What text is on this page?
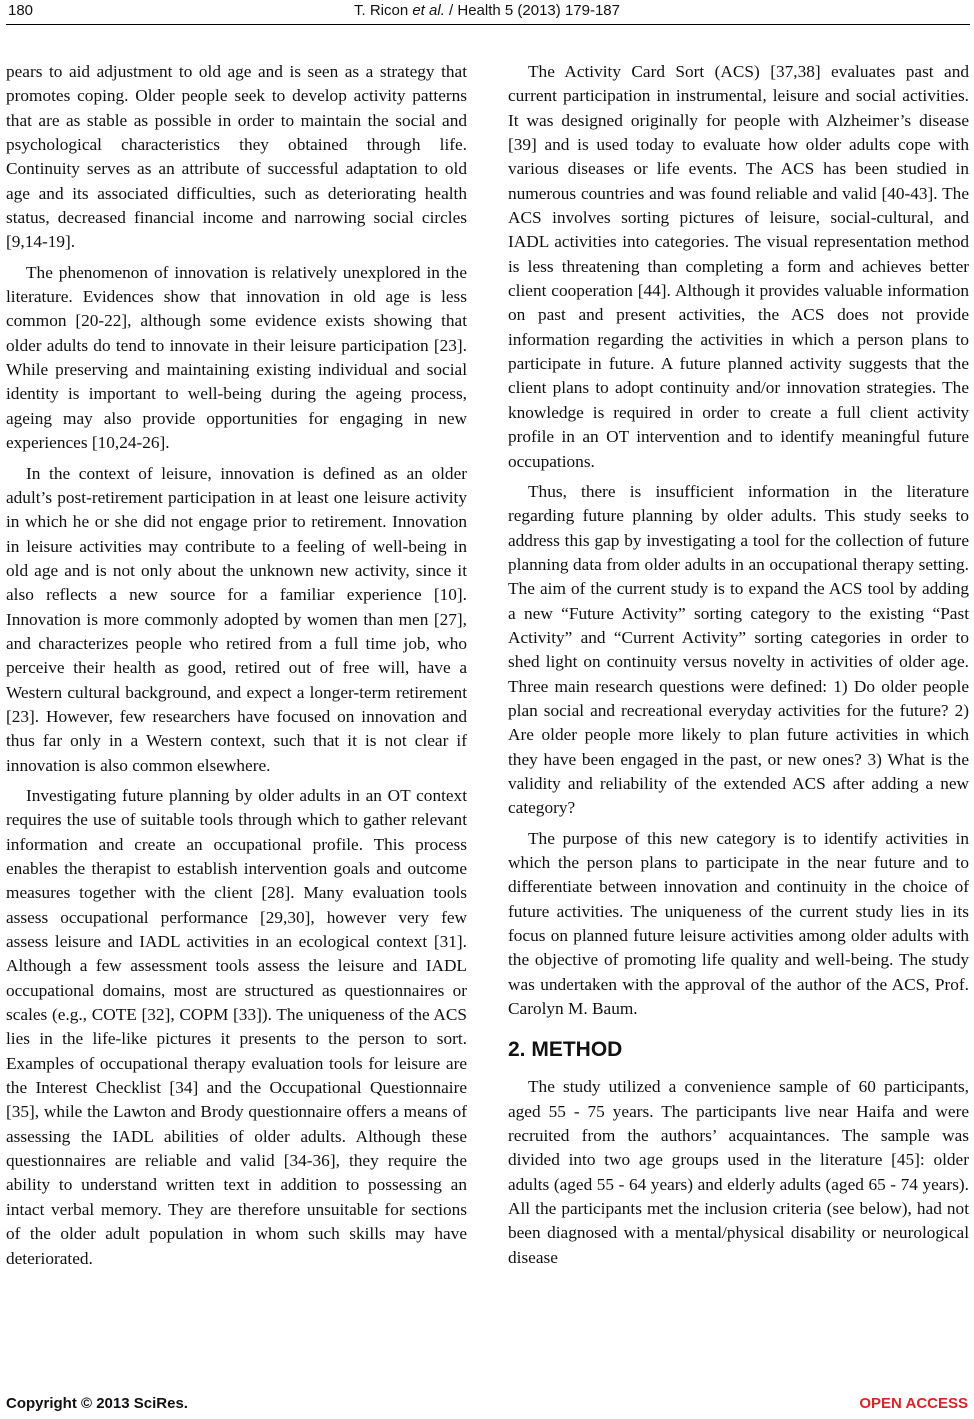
180	T. Ricon et al. / Health 5 (2013) 179-187

pears to aid adjustment to old age and is seen as a strategy that promotes coping. Older people seek to develop activity patterns that are as stable as possible in order to maintain the social and psychological characteristics they obtained through life. Continuity serves as an attribute of successful adaptation to old age and its associated difficulties, such as deteriorating health status, decreased financial income and narrowing social circles [9,14-19].

The phenomenon of innovation is relatively unexplored in the literature. Evidences show that innovation in old age is less common [20-22], although some evidence exists showing that older adults do tend to innovate in their leisure participation [23]. While preserving and maintaining existing individual and social identity is important to well-being during the ageing process, ageing may also provide opportunities for engaging in new experiences [10,24-26].

In the context of leisure, innovation is defined as an older adult’s post-retirement participation in at least one leisure activity in which he or she did not engage prior to retirement. Innovation in leisure activities may contribute to a feeling of well-being in old age and is not only about the unknown new activity, since it also reflects a new source for a familiar experience [10]. Innovation is more commonly adopted by women than men [27], and characterizes people who retired from a full time job, who perceive their health as good, retired out of free will, have a Western cultural background, and expect a longer-term retirement [23]. However, few researchers have focused on innovation and thus far only in a Western context, such that it is not clear if innovation is also common elsewhere.

Investigating future planning by older adults in an OT context requires the use of suitable tools through which to gather relevant information and create an occupational profile. This process enables the therapist to establish intervention goals and outcome measures together with the client [28]. Many evaluation tools assess occupational performance [29,30], however very few assess leisure and IADL activities in an ecological context [31]. Although a few assessment tools assess the leisure and IADL occupational domains, most are structured as questionnaires or scales (e.g., COTE [32], COPM [33]). The uniqueness of the ACS lies in the life-like pictures it presents to the person to sort. Examples of occupational therapy evaluation tools for leisure are the Interest Checklist [34] and the Occupational Questionnaire [35], while the Lawton and Brody questionnaire offers a means of assessing the IADL abilities of older adults. Although these questionnaires are reliable and valid [34-36], they require the ability to understand written text in addition to possessing an intact verbal memory. They are therefore unsuitable for sections of the older adult population in whom such skills may have deteriorated.

The Activity Card Sort (ACS) [37,38] evaluates past and current participation in instrumental, leisure and social activities. It was designed originally for people with Alzheimer’s disease [39] and is used today to evaluate how older adults cope with various diseases or life events. The ACS has been studied in numerous countries and was found reliable and valid [40-43]. The ACS involves sorting pictures of leisure, social-cultural, and IADL activities into categories. The visual representation method is less threatening than completing a form and achieves better client cooperation [44]. Although it provides valuable information on past and present activities, the ACS does not provide information regarding the activities in which a person plans to participate in future. A future planned activity suggests that the client plans to adopt continuity and/or innovation strategies. The knowledge is required in order to create a full client activity profile in an OT intervention and to identify meaningful future occupations.

Thus, there is insufficient information in the literature regarding future planning by older adults. This study seeks to address this gap by investigating a tool for the collection of future planning data from older adults in an occupational therapy setting. The aim of the current study is to expand the ACS tool by adding a new “Future Activity” sorting category to the existing “Past Activity” and “Current Activity” sorting categories in order to shed light on continuity versus novelty in activities of older age. Three main research questions were defined: 1) Do older people plan social and recreational everyday activities for the future? 2) Are older people more likely to plan future activities in which they have been engaged in the past, or new ones? 3) What is the validity and reliability of the extended ACS after adding a new category?

The purpose of this new category is to identify activities in which the person plans to participate in the near future and to differentiate between innovation and continuity in the choice of future activities. The uniqueness of the current study lies in its focus on planned future leisure activities among older adults with the objective of promoting life quality and well-being. The study was undertaken with the approval of the author of the ACS, Prof. Carolyn M. Baum.

2. METHOD

The study utilized a convenience sample of 60 participants, aged 55 - 75 years. The participants live near Haifa and were recruited from the authors’ acquaintances. The sample was divided into two age groups used in the literature [45]: older adults (aged 55 - 64 years) and elderly adults (aged 65 - 74 years). All the participants met the inclusion criteria (see below), had not been diagnosed with a mental/physical disability or neurological disease

Copyright © 2013 SciRes.	OPEN ACCESS
